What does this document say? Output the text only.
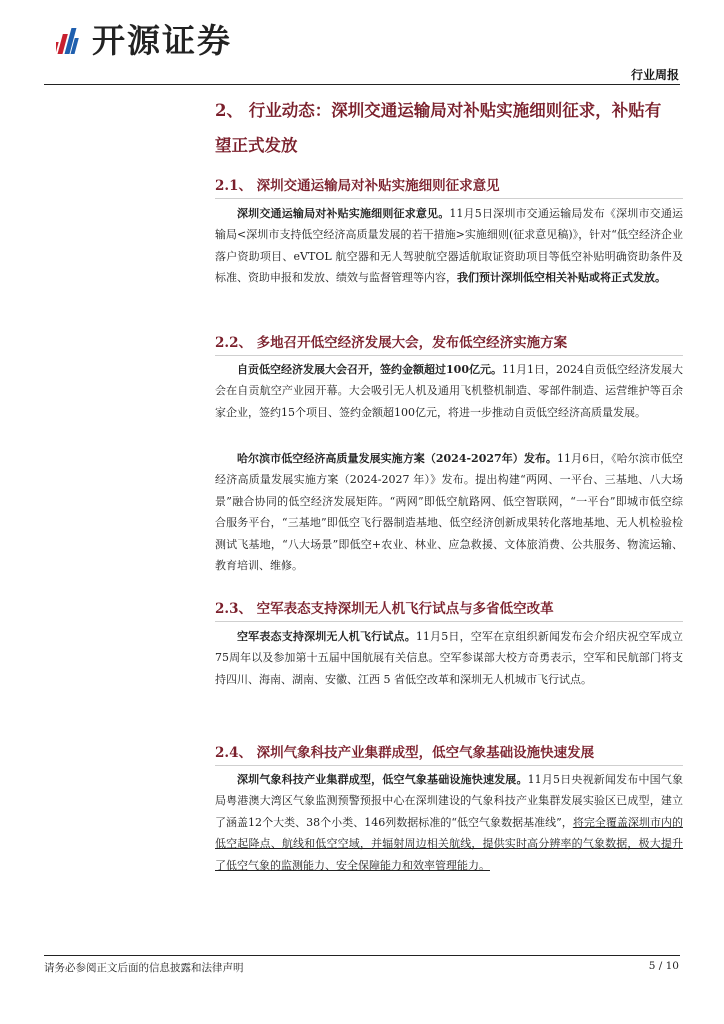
开源证券
行业周报
2、 行业动态：深圳交通运输局对补贴实施细则征求，补贴有
望正式发放
2.1、 深圳交通运输局对补贴实施细则征求意见

深圳交通运输局对补贴实施细则征求意见。11月5日深圳市交通运输局发布《深圳市交通运输局<深圳市支持低空经济高质量发展的若干措施>实施细则(征求意见稿)》，针对“低空经济企业落户资助项目、eVTOL 航空器和无人驾驶航空器适航取证资助项目等低空补贴明确资助条件及标准、资助申报和发放、绩效与监督管理等内容，我们预计深圳低空相关补贴或将正式发放。

2.2、 多地召开低空经济发展大会，发布低空经济实施方案

自贡低空经济发展大会召开，签约金额超过100亿元。11月1日，2024自贡低空经济发展大会在自贡航空产业园开幕。大会吸引无人机及通用飞机整机制造、零部件制造、运营维护等百余家企业，签约15个项目、签约金额超100亿元，将进一步推动自贡低空经济高质量发展。

哈尔滨市低空经济高质量发展实施方案（2024-2027年）发布。11月6日，《哈尔滨市低空经济高质量发展实施方案（2024-2027 年）》发布。提出构建“两网、一平台、三基地、八大场景”融合协同的低空经济发展矩阵。“两网”即低空航路网、低空智联网，“一平台”即城市低空综合服务平台，“三基地”即低空飞行器制造基地、低空经济创新成果转化落地基地、无人机检验检测试飞基地，“八大场景”即低空+农业、林业、应急救援、文体旅消费、公共服务、物流运输、教育培训、维修。

2.3、 空军表态支持深圳无人机飞行试点与多省低空改革

空军表态支持深圳无人机飞行试点。11月5日，空军在京组织新闻发布会介绍庆祝空军成立75周年以及参加第十五届中国航展有关信息。空军参谋部大校方奇勇表示，空军和民航部门将支持四川、海南、湖南、安徽、江西 5 省低空改革和深圳无人机城市飞行试点。

2.4、 深圳气象科技产业集群成型，低空气象基础设施快速发展

深圳气象科技产业集群成型，低空气象基础设施快速发展。11月5日央视新闻发布中国气象局粤港澳大湾区气象监测预警预报中心在深圳建设的气象科技产业集群发展实验区已成型，建立了涵盖12个大类、38个小类、146列数据标准的“低空气象数据基准线”，将完全覆盖深圳市内的低空起降点、航线和低空空域，并辐射周边相关航线，提供实时高分辨率的气象数据，极大提升了低空气象的监测能力、安全保障能力和效率管理能力。

请务必参阅正文后面的信息披露和法律声明	5 / 10
